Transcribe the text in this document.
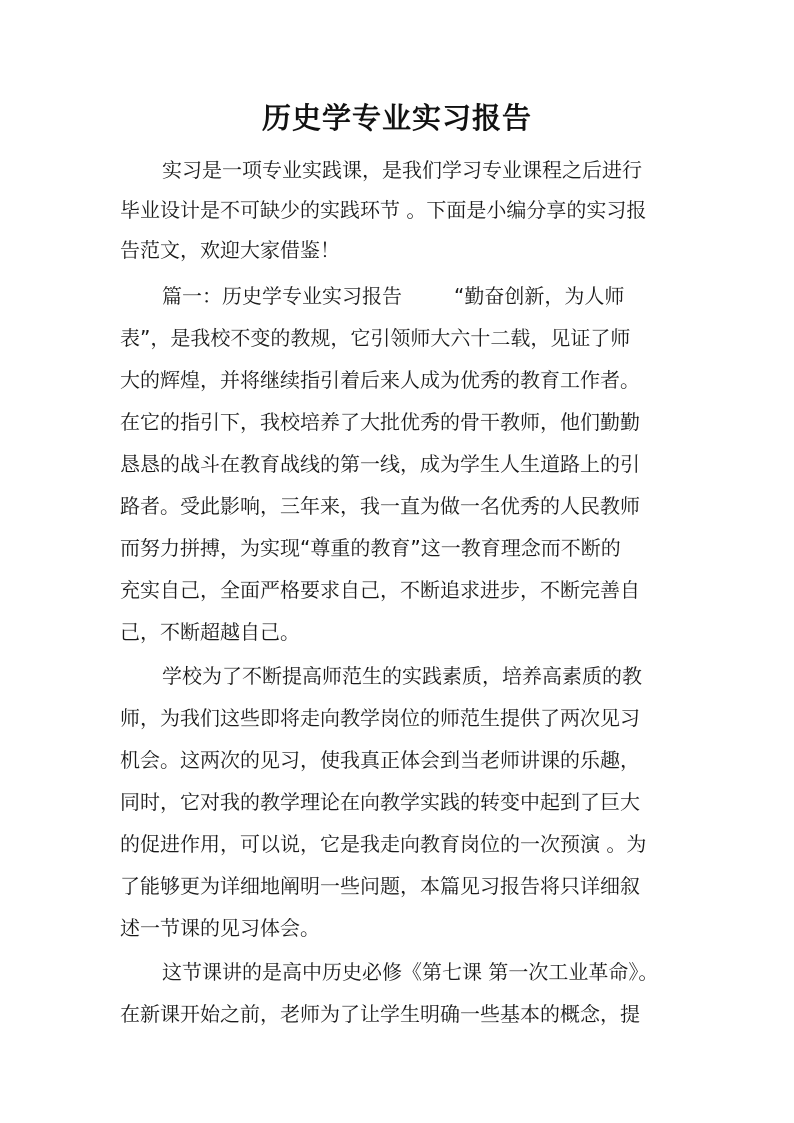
历史学专业实习报告
实习是一项专业实践课，是我们学习专业课程之后进行
毕业设计是不可缺少的实践环节 。下面是小编分享的实习报
告范文，欢迎大家借鉴！
篇一：历史学专业实习报告	“勤奋创新，为人师
表”，是我校不变的教规，它引领师大六十二载，见证了师
大的辉煌，并将继续指引着后来人成为优秀的教育工作者。
在它的指引下，我校培养了大批优秀的骨干教师，他们勤勤
恳恳的战斗在教育战线的第一线，成为学生人生道路上的引
路者。受此影响，三年来，我一直为做一名优秀的人民教师
而努力拼搏，为实现“尊重的教育”这一教育理念而不断的
充实自己，全面严格要求自己，不断追求进步，不断完善自
己，不断超越自己。
学校为了不断提高师范生的实践素质，培养高素质的教
师，为我们这些即将走向教学岗位的师范生提供了两次见习
机会。这两次的见习，使我真正体会到当老师讲课的乐趣，
同时，它对我的教学理论在向教学实践的转变中起到了巨大
的促进作用，可以说，它是我走向教育岗位的一次预演 。为
了能够更为详细地阐明一些问题，本篇见习报告将只详细叙
述一节课的见习体会。
这节课讲的是高中历史必修《第七课 第一次工业革命》。
在新课开始之前，老师为了让学生明确一些基本的概念，提
